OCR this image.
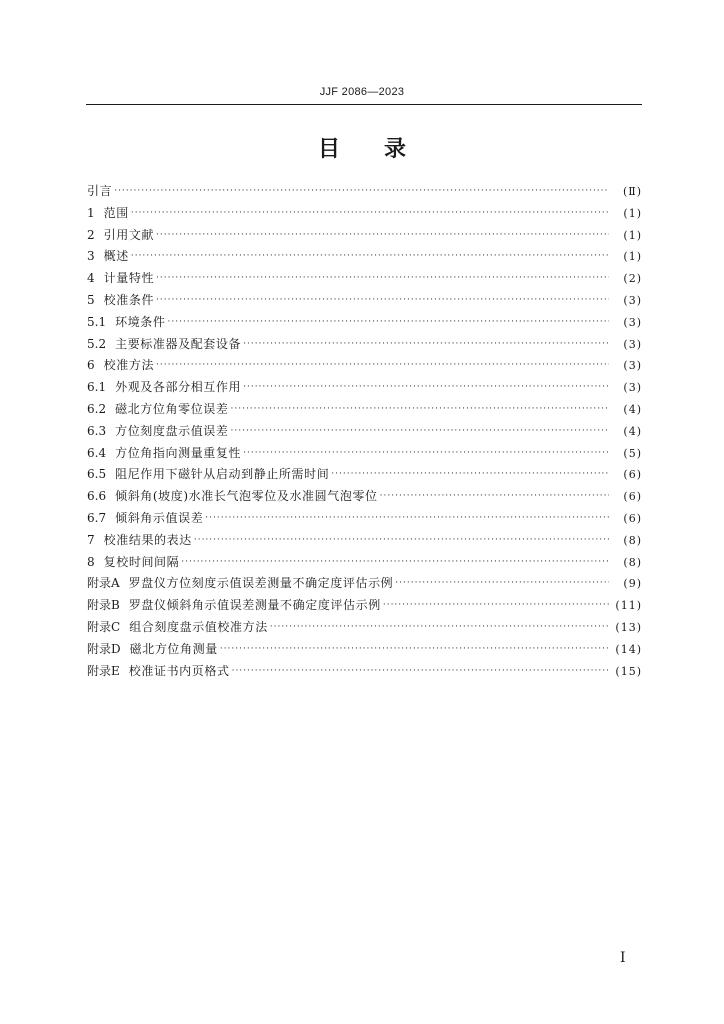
JJF 2086—2023
目 录
引言 ·····	(Ⅱ)
1 范围 ·····	(1)
2 引用文献 ·····	(1)
3 概述 ·····	(1)
4 计量特性 ·····	(2)
5 校准条件 ·····	(3)
5.1 环境条件 ·····	(3)
5.2 主要标准器及配套设备 ·····	(3)
6 校准方法 ·····	(3)
6.1 外观及各部分相互作用 ·····	(3)
6.2 磁北方位角零位误差 ·····	(4)
6.3 方位刻度盘示值误差 ·····	(4)
6.4 方位角指向测量重复性 ·····	(5)
6.5 阻尼作用下磁针从启动到静止所需时间 ·····	(6)
6.6 倾斜角(坡度)水准长气泡零位及水准圆气泡零位 ·····	(6)
6.7 倾斜角示值误差 ·····	(6)
7 校准结果的表达 ·····	(8)
8 复校时间间隔 ·····	(8)
附录A 罗盘仪方位刻度示值误差测量不确定度评估示例 ·····	(9)
附录B 罗盘仪倾斜角示值误差测量不确定度评估示例 ·····	(11)
附录C 组合刻度盘示值校准方法 ·····	(13)
附录D 磁北方位角测量 ·····	(14)
附录E 校准证书内页格式 ·····	(15)
Ⅰ
